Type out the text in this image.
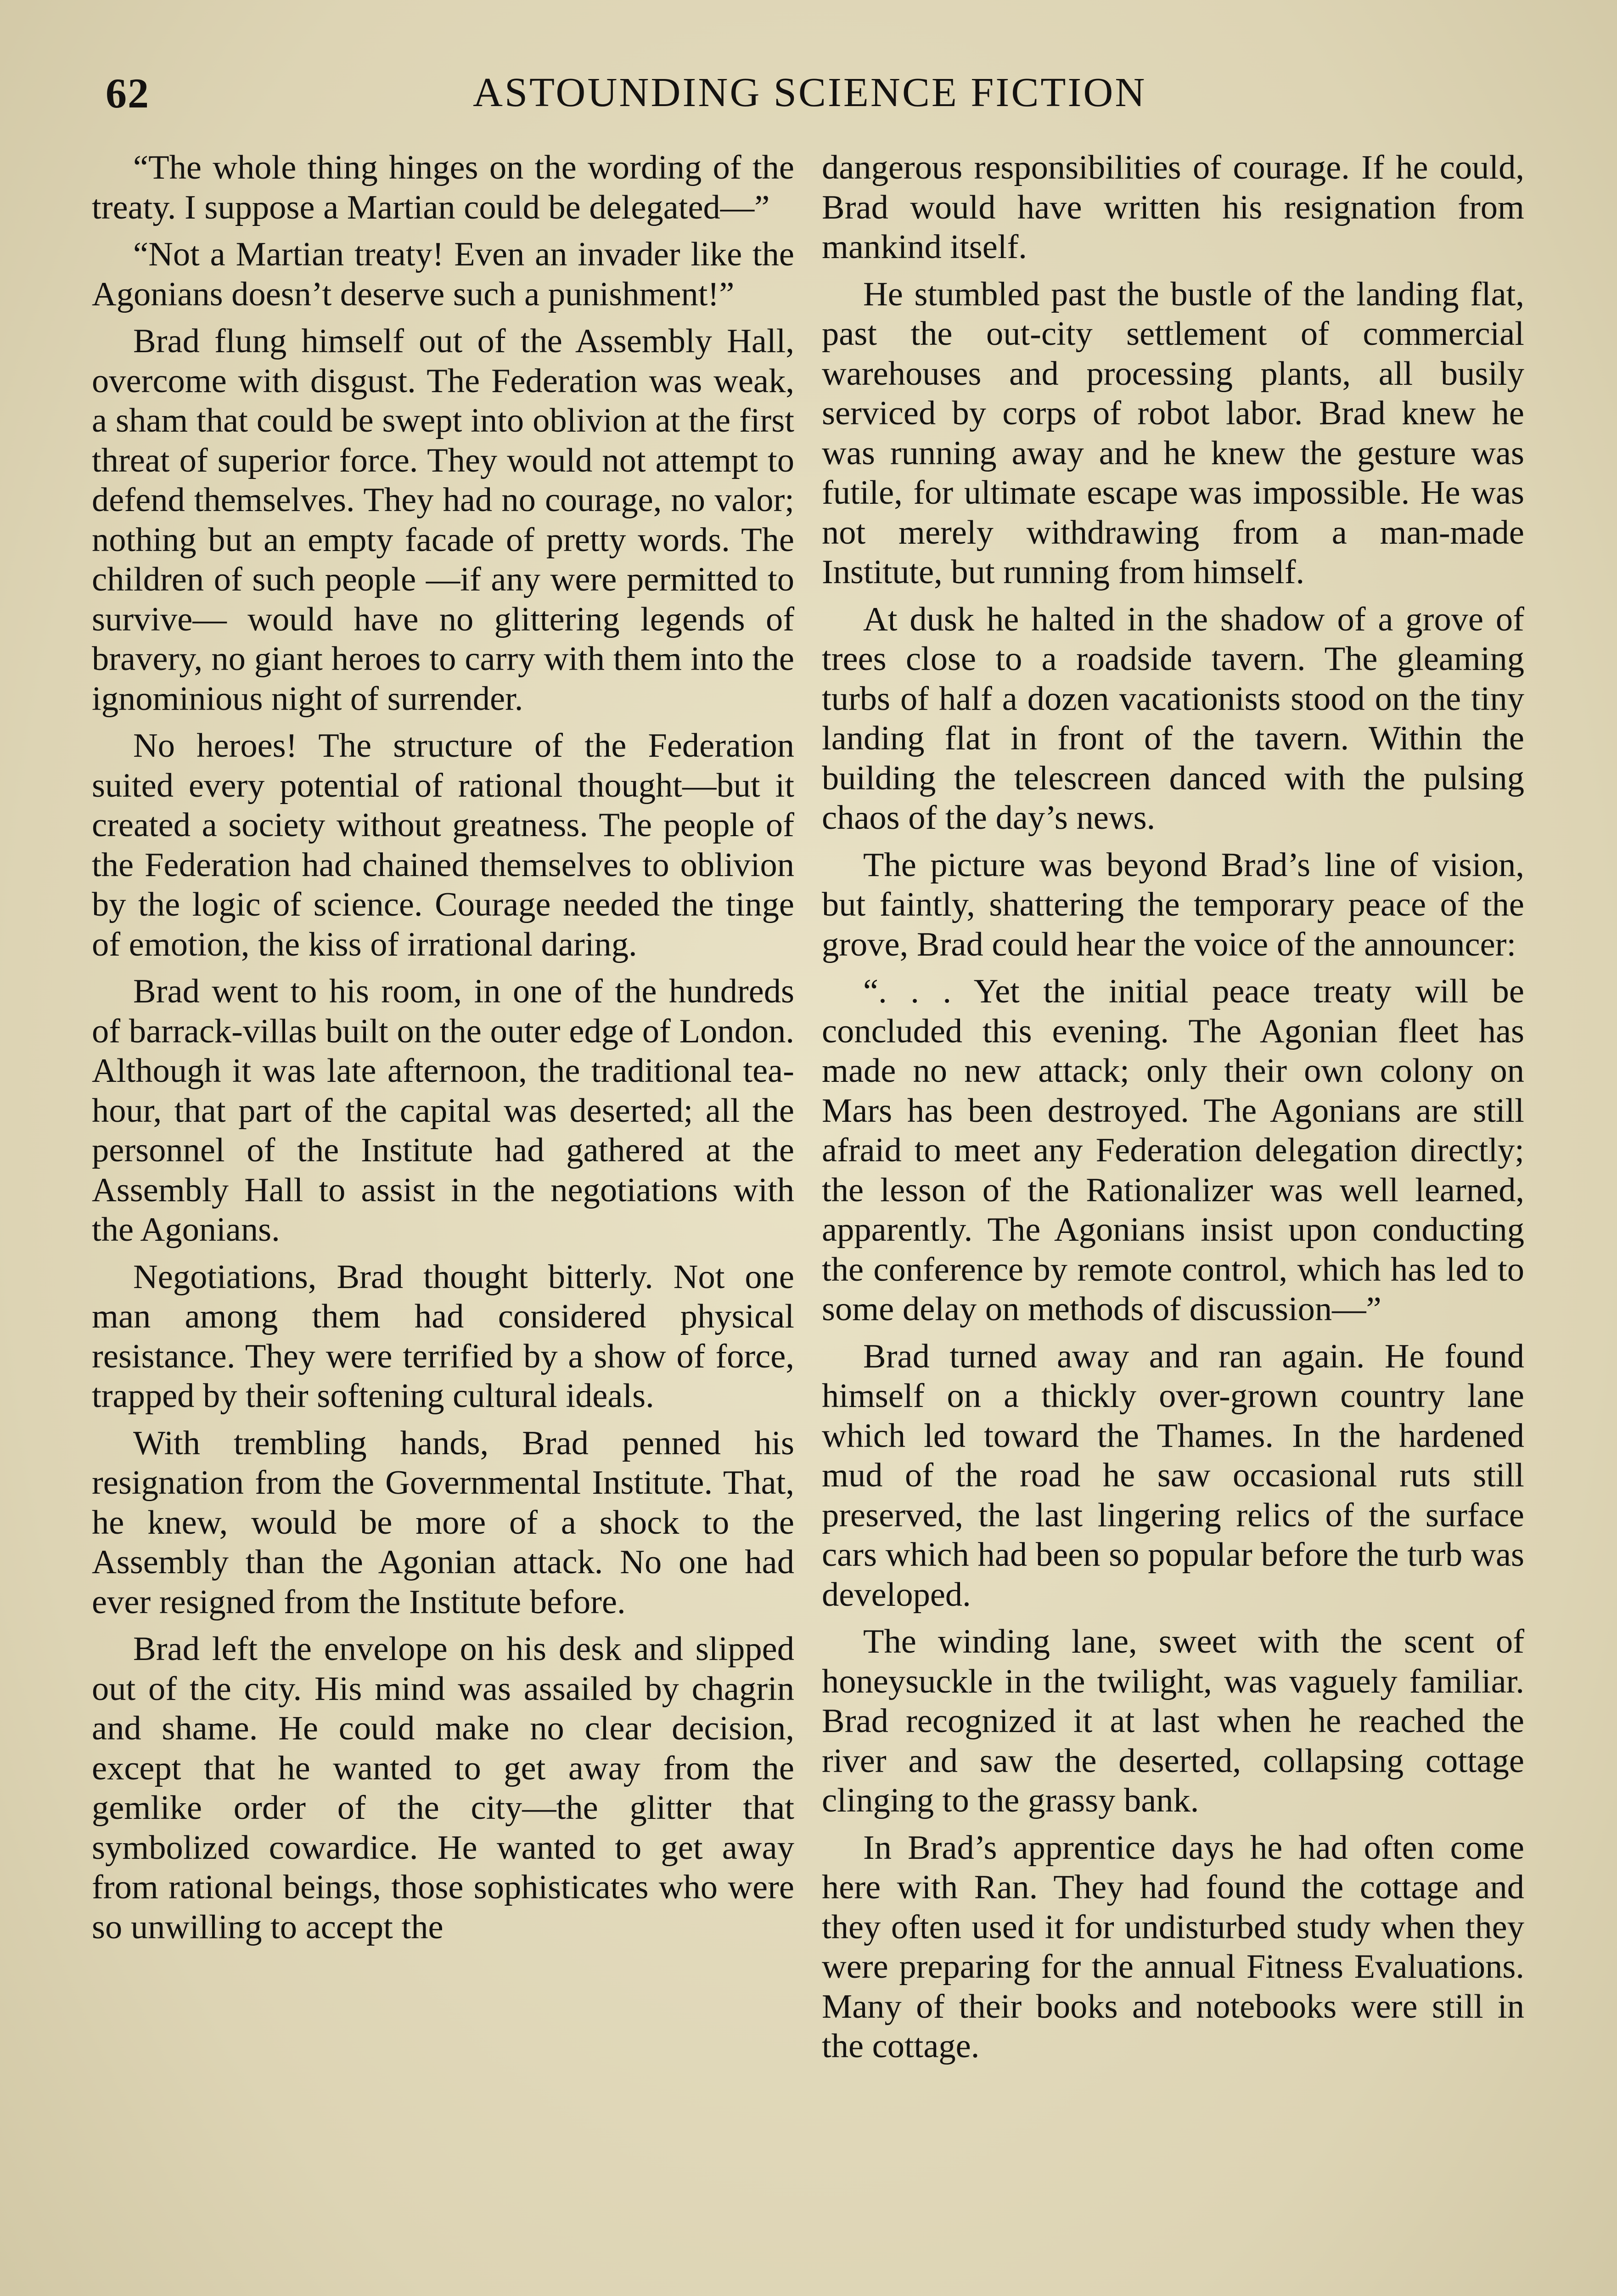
62	ASTOUNDING SCIENCE FICTION

“The whole thing hinges on the wording of the treaty. I suppose a Martian could be delegated—”

“Not a Martian treaty! Even an invader like the Agonians doesn’t deserve such a punishment!”

Brad flung himself out of the Assembly Hall, overcome with disgust. The Federation was weak, a sham that could be swept into oblivion at the first threat of superior force. They would not attempt to defend themselves. They had no courage, no valor; nothing but an empty facade of pretty words. The children of such people —if any were permitted to survive— would have no glittering legends of bravery, no giant heroes to carry with them into the ignominious night of surrender.

No heroes! The structure of the Federation suited every potential of rational thought—but it created a society without greatness. The people of the Federation had chained themselves to oblivion by the logic of science. Courage needed the tinge of emotion, the kiss of irrational daring.

Brad went to his room, in one of the hundreds of barrack-villas built on the outer edge of London. Although it was late afternoon, the traditional tea-hour, that part of the capital was deserted; all the personnel of the Institute had gathered at the Assembly Hall to assist in the negotiations with the Agonians.

Negotiations, Brad thought bitterly. Not one man among them had considered physical resistance. They were terrified by a show of force, trapped by their softening cultural ideals.

With trembling hands, Brad penned his resignation from the Governmental Institute. That, he knew, would be more of a shock to the Assembly than the Agonian attack. No one had ever resigned from the Institute before.

Brad left the envelope on his desk and slipped out of the city. His mind was assailed by chagrin and shame. He could make no clear decision, except that he wanted to get away from the gemlike order of the city—the glitter that symbolized cowardice. He wanted to get away from rational beings, those sophisticates who were so unwilling to accept the

dangerous responsibilities of courage. If he could, Brad would have written his resignation from mankind itself.

He stumbled past the bustle of the landing flat, past the out-city settlement of commercial warehouses and processing plants, all busily serviced by corps of robot labor. Brad knew he was running away and he knew the gesture was futile, for ultimate escape was impossible. He was not merely withdrawing from a man-made Institute, but running from himself.

At dusk he halted in the shadow of a grove of trees close to a roadside tavern. The gleaming turbs of half a dozen vacationists stood on the tiny landing flat in front of the tavern. Within the building the telescreen danced with the pulsing chaos of the day’s news.

The picture was beyond Brad’s line of vision, but faintly, shattering the temporary peace of the grove, Brad could hear the voice of the announcer:

“. . . Yet the initial peace treaty will be concluded this evening. The Agonian fleet has made no new attack; only their own colony on Mars has been destroyed. The Agonians are still afraid to meet any Federation delegation directly; the lesson of the Rationalizer was well learned, apparently. The Agonians insist upon conducting the conference by remote control, which has led to some delay on methods of discussion—”

Brad turned away and ran again. He found himself on a thickly over-grown country lane which led toward the Thames. In the hardened mud of the road he saw occasional ruts still preserved, the last lingering relics of the surface cars which had been so popular before the turb was developed.

The winding lane, sweet with the scent of honeysuckle in the twilight, was vaguely familiar. Brad recognized it at last when he reached the river and saw the deserted, collapsing cottage clinging to the grassy bank.

In Brad’s apprentice days he had often come here with Ran. They had found the cottage and they often used it for undisturbed study when they were preparing for the annual Fitness Evaluations. Many of their books and notebooks were still in the cottage.
